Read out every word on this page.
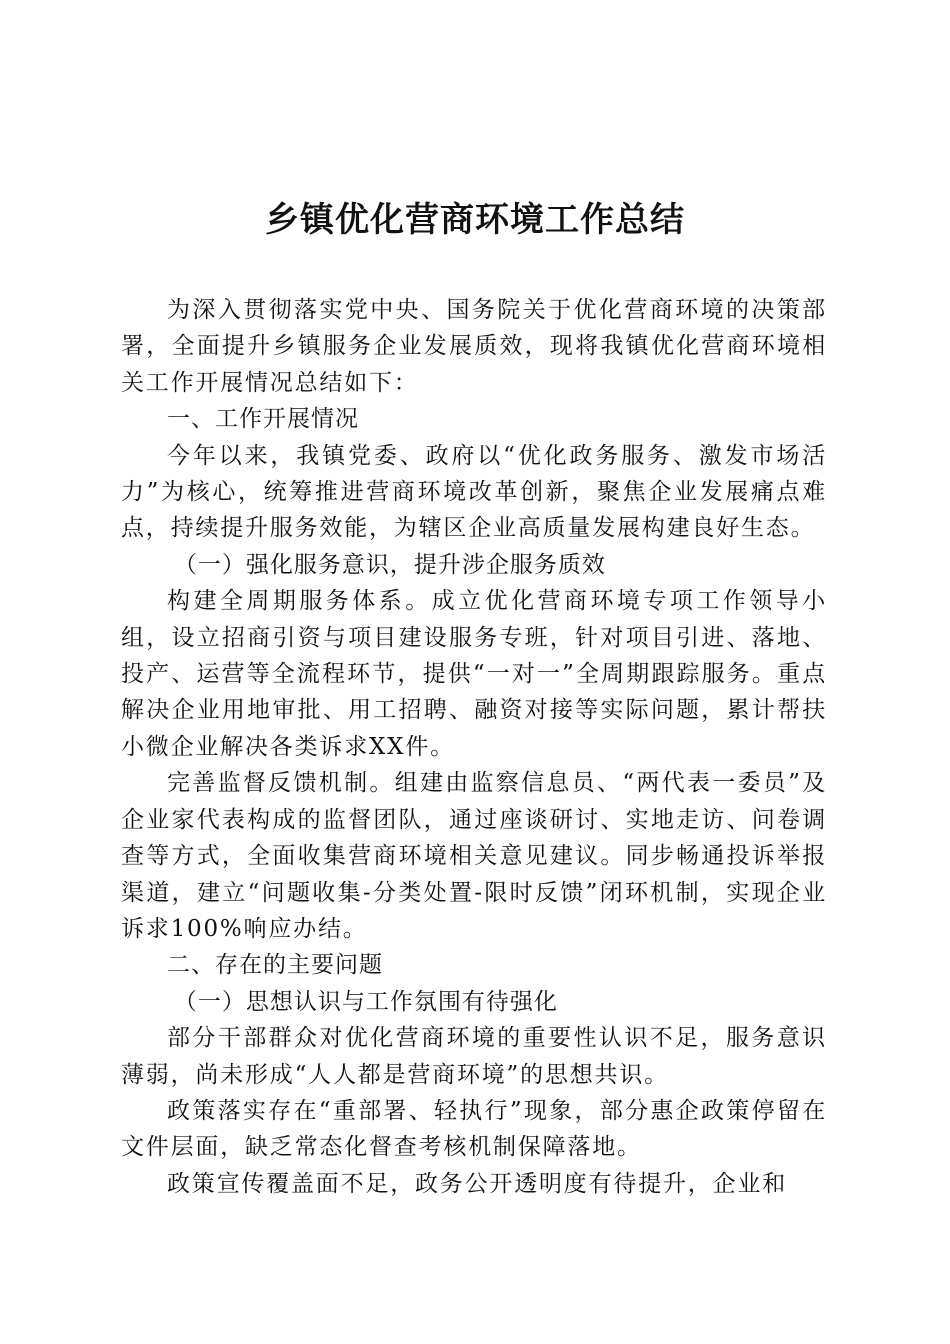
乡镇优化营商环境工作总结

为深入贯彻落实党中央、国务院关于优化营商环境的决策部署，全面提升乡镇服务企业发展质效，现将我镇优化营商环境相关工作开展情况总结如下：

一、工作开展情况

今年以来，我镇党委、政府以“优化政务服务、激发市场活力”为核心，统筹推进营商环境改革创新，聚焦企业发展痛点难点，持续提升服务效能，为辖区企业高质量发展构建良好生态。

（一）强化服务意识，提升涉企服务质效

构建全周期服务体系。成立优化营商环境专项工作领导小组，设立招商引资与项目建设服务专班，针对项目引进、落地、投产、运营等全流程环节，提供“一对一”全周期跟踪服务。重点解决企业用地审批、用工招聘、融资对接等实际问题，累计帮扶小微企业解决各类诉求XX件。

完善监督反馈机制。组建由监察信息员、“两代表一委员”及企业家代表构成的监督团队，通过座谈研讨、实地走访、问卷调查等方式，全面收集营商环境相关意见建议。同步畅通投诉举报渠道，建立“问题收集-分类处置-限时反馈”闭环机制，实现企业诉求100%响应办结。

二、存在的主要问题

（一）思想认识与工作氛围有待强化

部分干部群众对优化营商环境的重要性认识不足，服务意识薄弱，尚未形成“人人都是营商环境”的思想共识。

政策落实存在“重部署、轻执行”现象，部分惠企政策停留在文件层面，缺乏常态化督查考核机制保障落地。

政策宣传覆盖面不足，政务公开透明度有待提升，企业和
